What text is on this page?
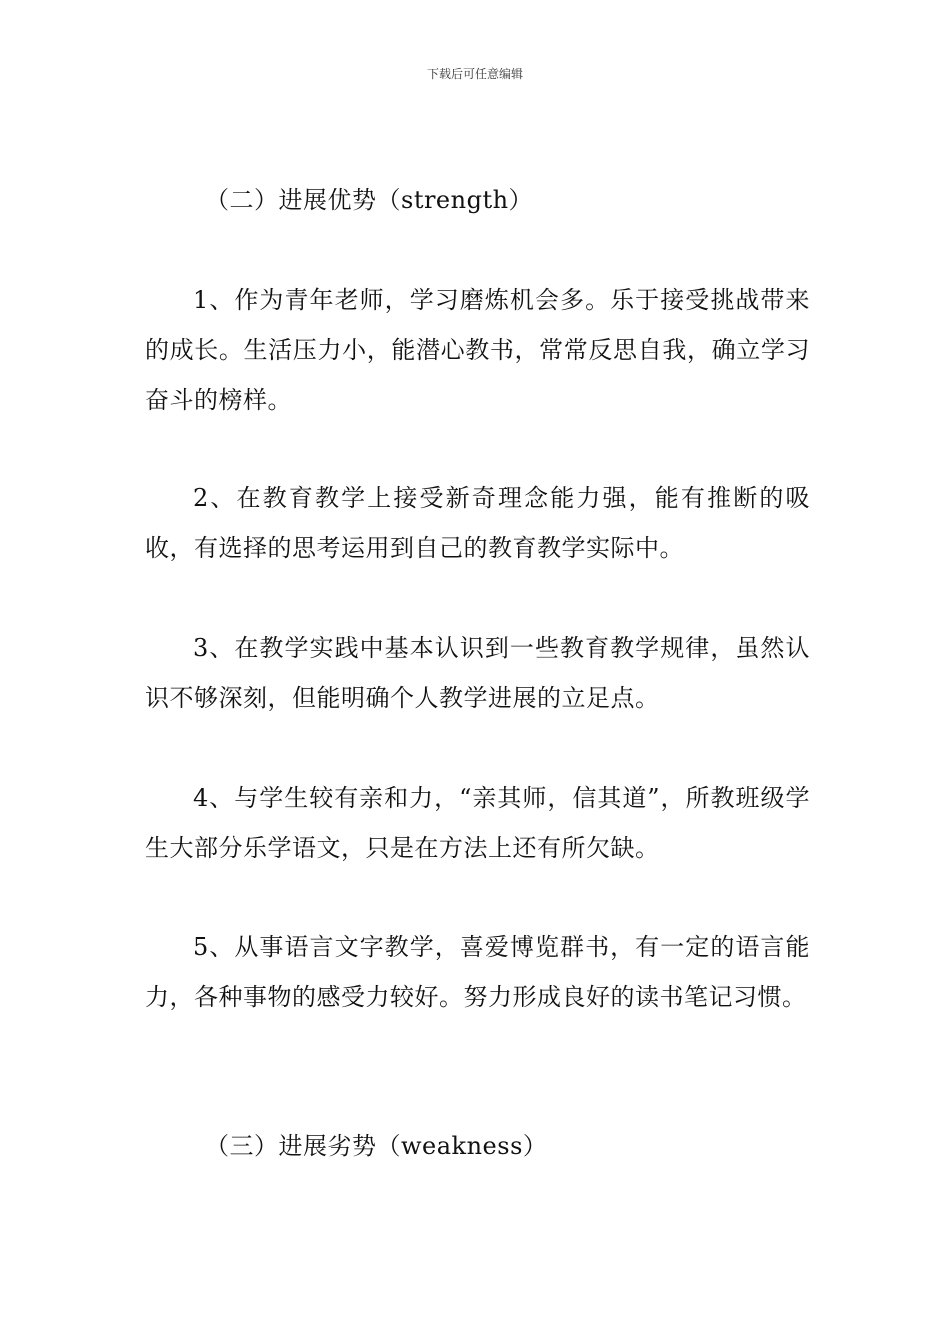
下载后可任意编辑
（二）进展优势（strength）
1、作为青年老师，学习磨炼机会多。乐于接受挑战带来的成长。生活压力小，能潜心教书，常常反思自我，确立学习奋斗的榜样。
2、在教育教学上接受新奇理念能力强，能有推断的吸收，有选择的思考运用到自己的教育教学实际中。
3、在教学实践中基本认识到一些教育教学规律，虽然认识不够深刻，但能明确个人教学进展的立足点。
4、与学生较有亲和力，“亲其师，信其道”，所教班级学生大部分乐学语文，只是在方法上还有所欠缺。
5、从事语言文字教学，喜爱博览群书，有一定的语言能力，各种事物的感受力较好。努力形成良好的读书笔记习惯。
（三）进展劣势（weakness）
